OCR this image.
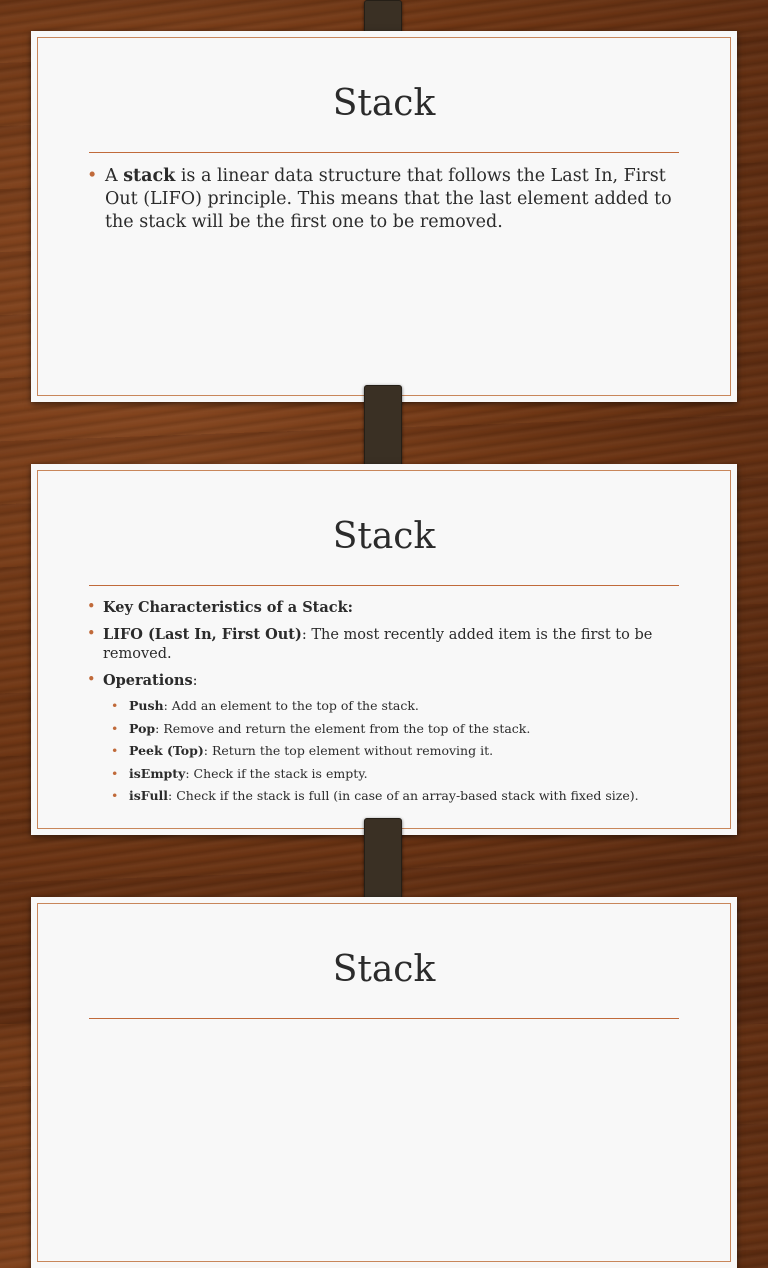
Stack
• A stack is a linear data structure that follows the Last In, First Out (LIFO) principle. This means that the last element added to the stack will be the first one to be removed.
Stack
• Key Characteristics of a Stack:
• LIFO (Last In, First Out): The most recently added item is the first to be removed.
• Operations:
• Push: Add an element to the top of the stack.
• Pop: Remove and return the element from the top of the stack.
• Peek (Top): Return the top element without removing it.
• isEmpty: Check if the stack is empty.
• isFull: Check if the stack is full (in case of an array-based stack with fixed size).
Stack
